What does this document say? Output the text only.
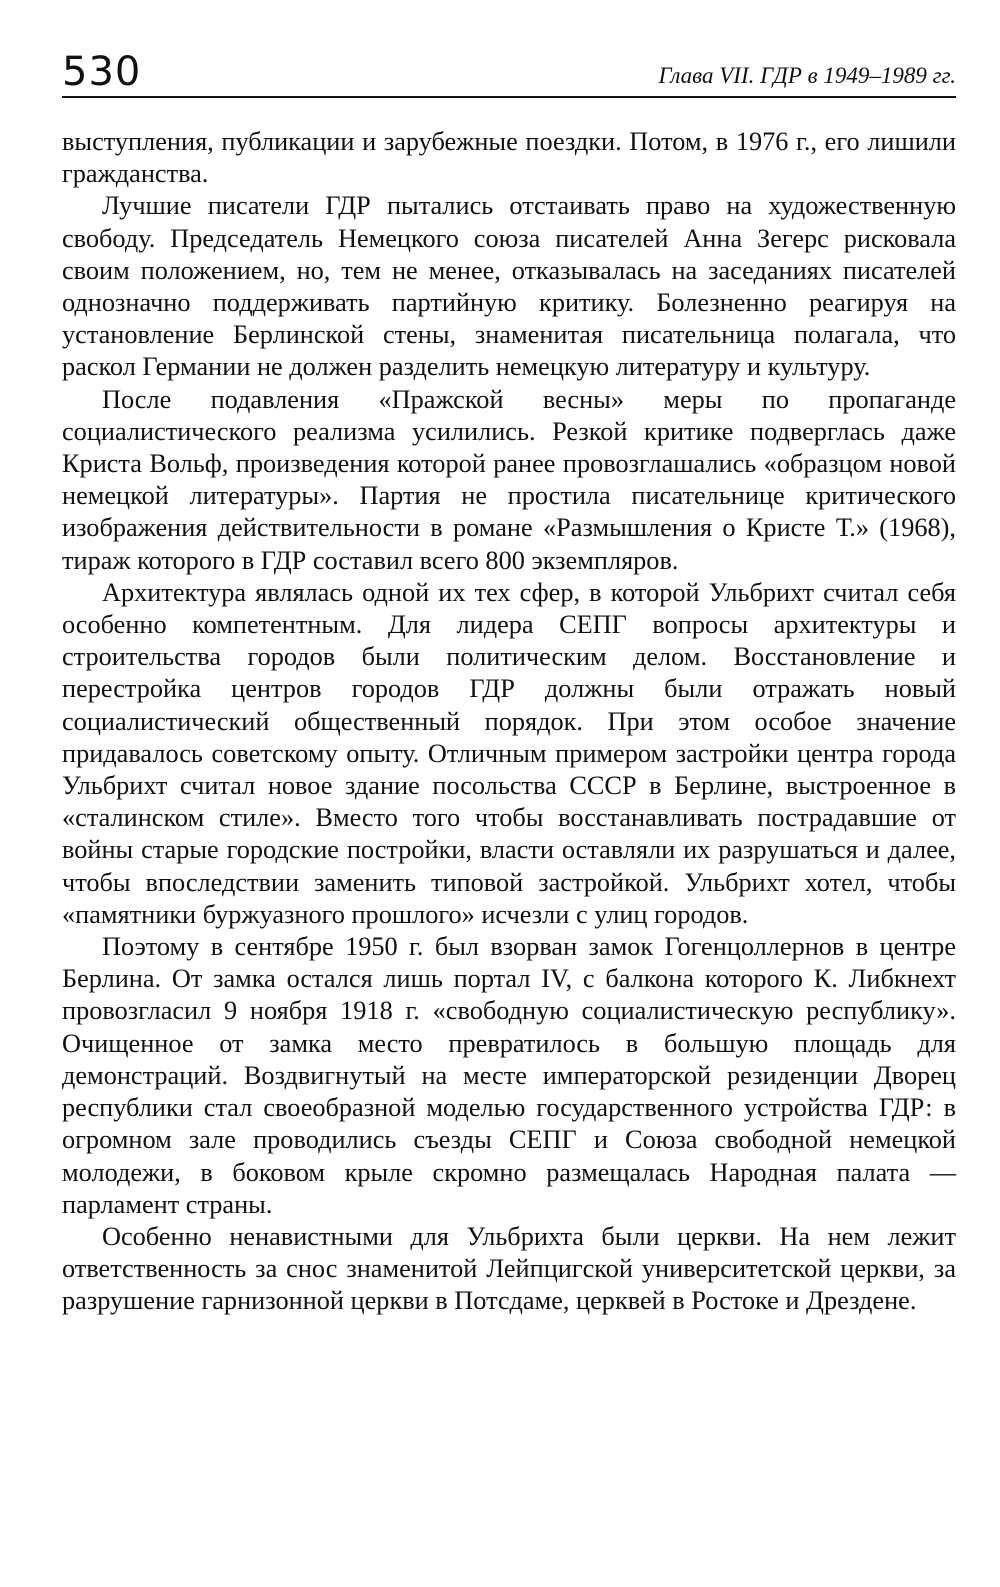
530	Глава VII. ГДР в 1949–1989 гг.

выступления, публикации и зарубежные поездки. Потом, в 1976 г., его лишили гражданства.

Лучшие писатели ГДР пытались отстаивать право на художественную свободу. Председатель Немецкого союза писателей Анна Зегерс рисковала своим положением, но, тем не менее, отказывалась на заседаниях писателей однозначно поддерживать партийную критику. Болезненно реагируя на установление Берлинской стены, знаменитая писательница полагала, что раскол Германии не должен разделить немецкую литературу и культуру.

После подавления «Пражской весны» меры по пропаганде социалистического реализма усилились. Резкой критике подверглась даже Криста Вольф, произведения которой ранее провозглашались «образцом новой немецкой литературы». Партия не простила писательнице критического изображения действительности в романе «Размышления о Кристе Т.» (1968), тираж которого в ГДР составил всего 800 экземпляров.

Архитектура являлась одной их тех сфер, в которой Ульбрихт считал себя особенно компетентным. Для лидера СЕПГ вопросы архитектуры и строительства городов были политическим делом. Восстановление и перестройка центров городов ГДР должны были отражать новый социалистический общественный порядок. При этом особое значение придавалось советскому опыту. Отличным примером застройки центра города Ульбрихт считал новое здание посольства СССР в Берлине, выстроенное в «сталинском стиле». Вместо того чтобы восстанавливать пострадавшие от войны старые городские постройки, власти оставляли их разрушаться и далее, чтобы впоследствии заменить типовой застройкой. Ульбрихт хотел, чтобы «памятники буржуазного прошлого» исчезли с улиц городов.

Поэтому в сентябре 1950 г. был взорван замок Гогенцоллернов в центре Берлина. От замка остался лишь портал IV, с балкона которого К. Либкнехт провозгласил 9 ноября 1918 г. «свободную социалистическую республику». Очищенное от замка место превратилось в большую площадь для демонстраций. Воздвигнутый на месте императорской резиденции Дворец республики стал своеобразной моделью государственного устройства ГДР: в огромном зале проводились съезды СЕПГ и Союза свободной немецкой молодежи, в боковом крыле скромно размещалась Народная палата — парламент страны.

Особенно ненавистными для Ульбрихта были церкви. На нем лежит ответственность за снос знаменитой Лейпцигской университетской церкви, за разрушение гарнизонной церкви в Потсдаме, церквей в Ростоке и Дрездене.
